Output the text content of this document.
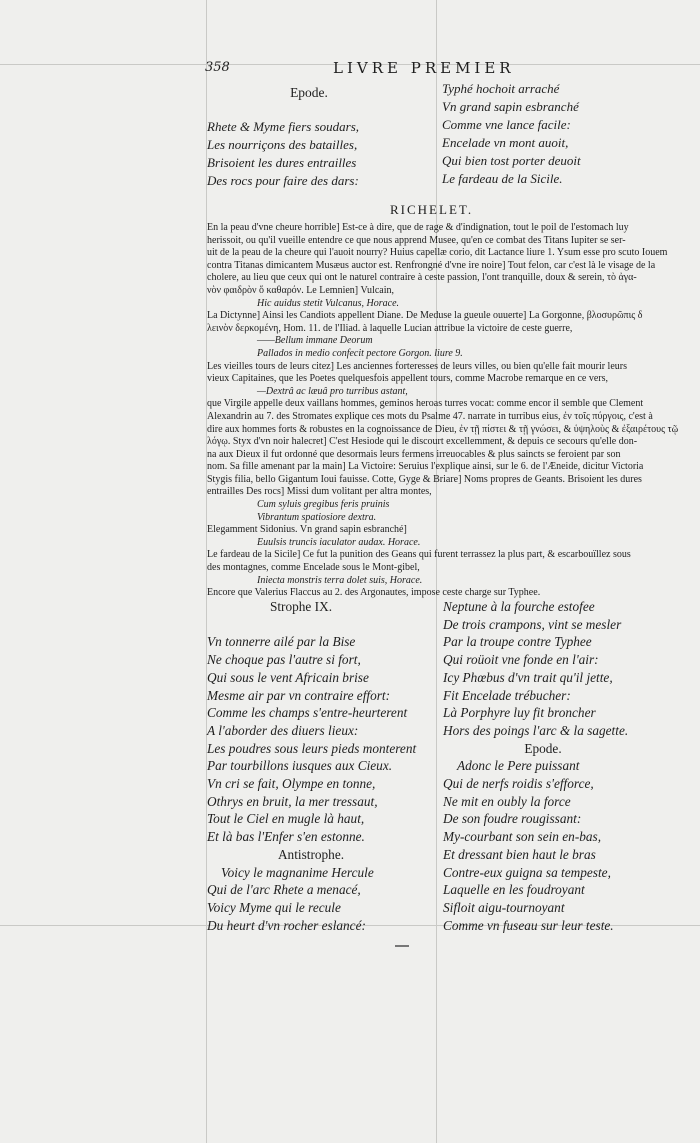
358	LIVRE PREMIER
Epode.
Rhete & Myme fiers soudars,
Les nourriçons des batailles,
Brisoient les dures entrailles
Des rocs pour faire des dars:
Typhé hochoit arraché
Vn grand sapin esbranché
Comme vne lance facile:
Encelade vn mont auoit,
Qui bien tost porter deuoit
Le fardeau de la Sicile.
RICHELET.

En la peau d'vne cheure horrible] Est-ce à dire, que de rage & d'indignation, tout le poil de l'estomach luy

herissoit, ou qu'il vueille entendre ce que nous apprend Musee, qu'en ce combat des Titans Iupiter se ser-

uit de la peau de la cheure qui l'auoit nourry? Huius capellæ corio, dit Lactance liure 1. Ysum esse pro scuto Iouem

contra Titanas dimicantem Musæus auctor est. Renfrongné d'vne ire noire] Tout felon, car c'est là le visage de la

cholere, au lieu que ceux qui ont le naturel contraire à ceste passion, l'ont tranquille, doux & serein, τὸ ἀγα-

νὸν φαιδρὸν ὅ καθαρόν. Le Lemnien] Vulcain,

Hic auidus stetit Vulcanus, Horace.

La Dictynne] Ainsi les Candiots appellent Diane. De Meduse la gueule ouuerte] La Gorgonne, βλοσυρῶπις δ

λεινὸν δερκομένη, Hom. 11. de l'Iliad. à laquelle Lucian attribue la victoire de ceste guerre,

——Bellum immane Deorum

Pallados in medio confecit pectore Gorgon. liure 9.

Les vieilles tours de leurs citez] Les anciennes forteresses de leurs villes, ou bien qu'elle fait mourir leurs

vieux Capitaines, que les Poetes quelquesfois appellent tours, comme Macrobe remarque en ce vers,

—Dextrâ ac læuâ pro turribus astant,

que Virgile appelle deux vaillans hommes, geminos heroas turres vocat: comme encor il semble que Clement

Alexandrin au 7. des Stromates explique ces mots du Psalme 47. narrate in turribus eius, ἐν τοῖς πύργοις, c'est à

dire aux hommes forts & robustes en la cognoissance de Dieu, ἐν τῇ πίστει & τῇ γνώσει, & ὑψηλοὺς & ἐξαιρέτους τῷ

λόγῳ. Styx d'vn noir halecret] C'est Hesiode qui le discourt excellemment, & depuis ce secours qu'elle don-

na aux Dieux il fut ordonné que desormais leurs fermens irreuocables & plus saincts se feroient par son

nom. Sa fille amenant par la main] La Victoire: Seruius l'explique ainsi, sur le 6. de l'Æneide, dicitur Victoria

Stygis filia, bello Gigantum Ioui fauisse. Cotte, Gyge & Briare] Noms propres de Geants. Brisoient les dures

entrailles Des rocs] Missi dum volitant per altra montes,

Cum syluis gregibus feris pruinis

Vibrantum spatiosiore dextra.

Elegamment Sidonius. Vn grand sapin esbranché]

Euulsis truncis iaculator audax. Horace.

Le fardeau de la Sicile] Ce fut la punition des Geans qui furent terrassez la plus part, & escarbouïllez sous

des montagnes, comme Encelade sous le Mont-gibel,

Iniecta monstris terra dolet suis, Horace.

Encore que Valerius Flaccus au 2. des Argonautes, impose ceste charge sur Typhee.

Strophe IX.
Vn tonnerre ailé par la Bise
Ne choque pas l'autre si fort,
Qui sous le vent Africain brise
Mesme air par vn contraire effort:
Comme les champs s'entre-heurterent
A l'aborder des diuers lieux:
Les poudres sous leurs pieds monterent
Par tourbillons iusques aux Cieux.
Vn cri se fait, Olympe en tonne,
Othrys en bruit, la mer tressaut,
Tout le Ciel en mugle là haut,
Et là bas l'Enfer s'en estonne.
Antistrophe.
Voicy le magnanime Hercule
Qui de l'arc Rhete a menacé,
Voicy Myme qui le recule
Du heurt d'vn rocher eslancé:
Neptune à la fourche estofee
De trois crampons, vint se mesler
Par la troupe contre Typhee
Qui roüoit vne fonde en l'air:
Icy Phœbus d'vn trait qu'il jette,
Fit Encelade trébucher:
Là Porphyre luy fit broncher
Hors des poings l'arc & la sagette.
Epode.
Adonc le Pere puissant
Qui de nerfs roidis s'efforce,
Ne mit en oubly la force
De son foudre rougissant:
My-courbant son sein en-bas,
Et dressant bien haut le bras
Contre-eux guigna sa tempeste,
Laquelle en les foudroyant
Sifloit aigu-tournoyant
Comme vn fuseau sur leur teste.
